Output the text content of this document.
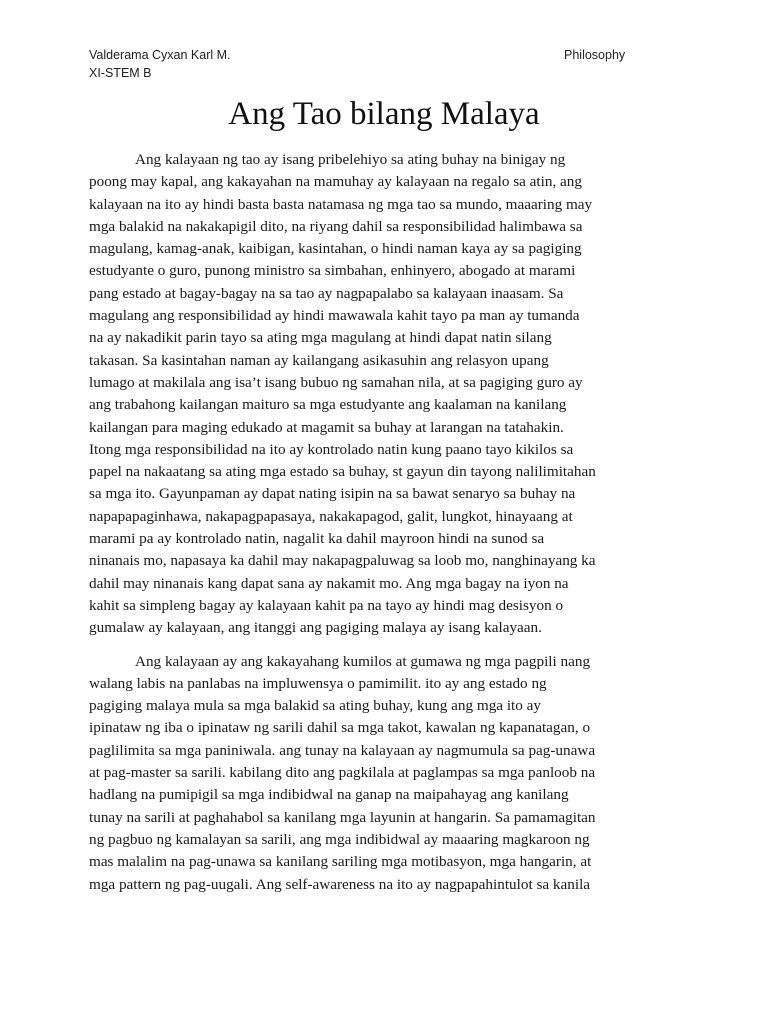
Valderama Cyxan Karl M.
XI-STEM B
Philosophy
Ang Tao bilang Malaya
Ang kalayaan ng tao ay isang pribelehiyo sa ating buhay na binigay ng
poong may kapal, ang kakayahan na mamuhay ay kalayaan na regalo sa atin, ang
kalayaan na ito ay hindi basta basta natamasa ng mga tao sa mundo, maaaring may
mga balakid na nakakapigil dito, na riyang dahil sa responsibilidad halimbawa sa
magulang, kamag-anak, kaibigan, kasintahan, o hindi naman kaya ay sa pagiging
estudyante o guro, punong ministro sa simbahan, enhinyero, abogado at marami
pang estado at bagay-bagay na sa tao ay nagpapalabo sa kalayaan inaasam. Sa
magulang ang responsibilidad ay hindi mawawala kahit tayo pa man ay tumanda
na ay nakadikit parin tayo sa ating mga magulang at hindi dapat natin silang
takasan. Sa kasintahan naman ay kailangang asikasuhin ang relasyon upang
lumago at makilala ang isa’t isang bubuo ng samahan nila, at sa pagiging guro ay
ang trabahong kailangan maituro sa mga estudyante ang kaalaman na kanilang
kailangan para maging edukado at magamit sa buhay at larangan na tatahakin.
Itong mga responsibilidad na ito ay kontrolado natin kung paano tayo kikilos sa
papel na nakaatang sa ating mga estado sa buhay, st gayun din tayong nalilimitahan
sa mga ito. Gayunpaman ay dapat nating isipin na sa bawat senaryo sa buhay na
napapapaginhawa, nakapagpapasaya, nakakapagod, galit, lungkot, hinayaang at
marami pa ay kontrolado natin, nagalit ka dahil mayroon hindi na sunod sa
ninanais mo, napasaya ka dahil may nakapagpaluwag sa loob mo, nanghinayang ka
dahil may ninanais kang dapat sana ay nakamit mo. Ang mga bagay na iyon na
kahit sa simpleng bagay ay kalayaan kahit pa na tayo ay hindi mag desisyon o
gumalaw ay kalayaan, ang itanggi ang pagiging malaya ay isang kalayaan.
Ang kalayaan ay ang kakayahang kumilos at gumawa ng mga pagpili nang
walang labis na panlabas na impluwensya o pamimilit. ito ay ang estado ng
pagiging malaya mula sa mga balakid sa ating buhay, kung ang mga ito ay
ipinataw ng iba o ipinataw ng sarili dahil sa mga takot, kawalan ng kapanatagan, o
paglilimita sa mga paniniwala. ang tunay na kalayaan ay nagmumula sa pag-unawa
at pag-master sa sarili. kabilang dito ang pagkilala at paglampas sa mga panloob na
hadlang na pumipigil sa mga indibidwal na ganap na maipahayag ang kanilang
tunay na sarili at paghahabol sa kanilang mga layunin at hangarin. Sa pamamagitan
ng pagbuo ng kamalayan sa sarili, ang mga indibidwal ay maaaring magkaroon ng
mas malalim na pag-unawa sa kanilang sariling mga motibasyon, mga hangarin, at
mga pattern ng pag-uugali. Ang self-awareness na ito ay nagpapahintulot sa kanila
